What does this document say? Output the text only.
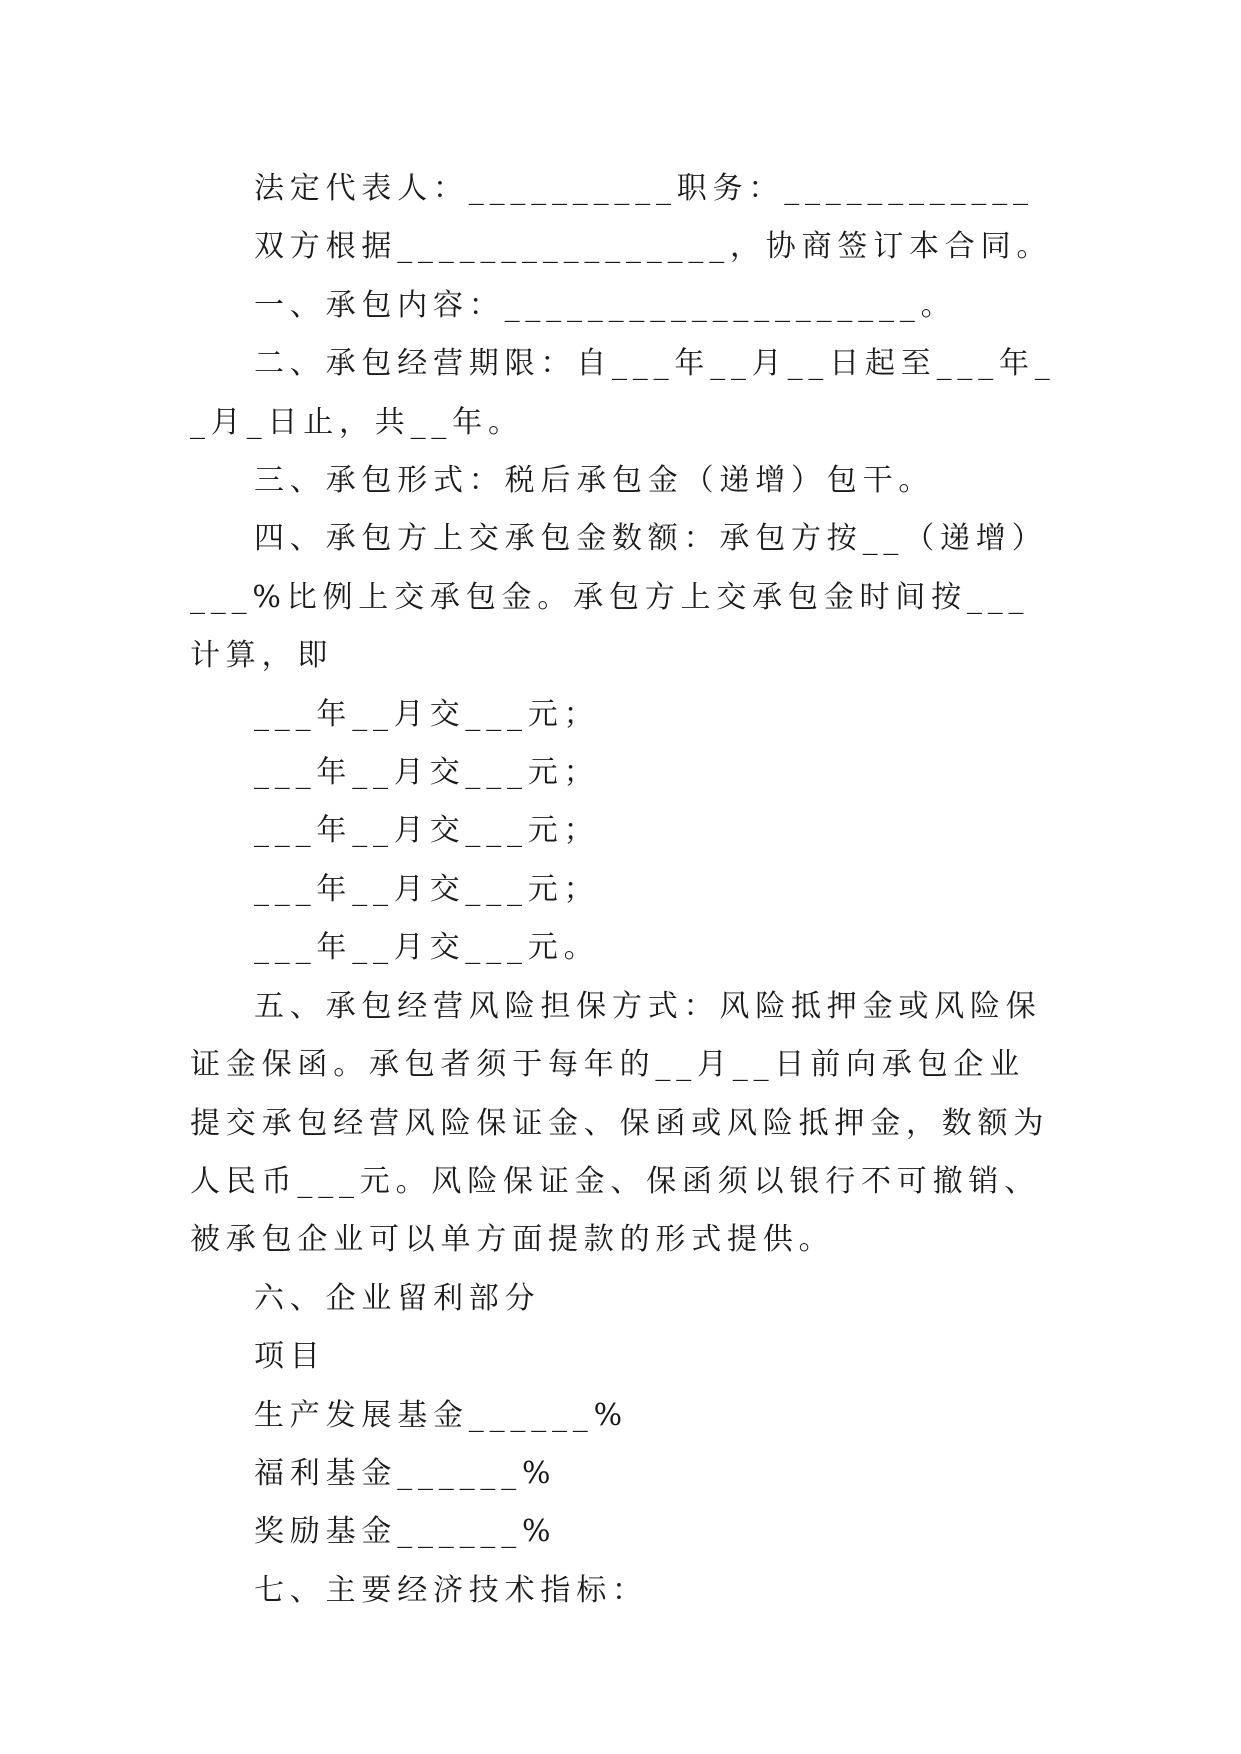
法定代表人：__________职务：____________

双方根据________________，协商签订本合同。

一、承包内容：____________________。

二、承包经营期限：自___年__月__日起至___年__月_日止，共__年。

三、承包形式：税后承包金（递增）包干。

四、承包方上交承包金数额：承包方按__（递增）___%比例上交承包金。承包方上交承包金时间按___计算，即

___年__月交___元；

___年__月交___元；

___年__月交___元；

___年__月交___元；

___年__月交___元。

五、承包经营风险担保方式：风险抵押金或风险保证金保函。承包者须于每年的__月__日前向承包企业提交承包经营风险保证金、保函或风险抵押金，数额为人民币___元。风险保证金、保函须以银行不可撤销、被承包企业可以单方面提款的形式提供。

六、企业留利部分

项目

生产发展基金______%

福利基金______%

奖励基金______%

七、主要经济技术指标：
